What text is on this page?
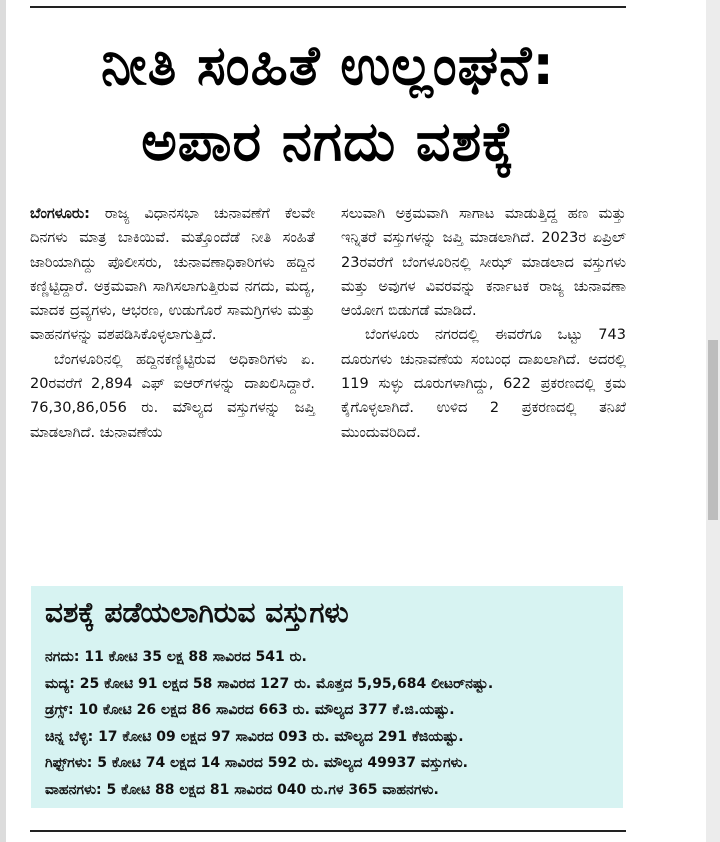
ನೀತಿ ಸಂಹಿತೆ ಉಲ್ಲಂಘನೆ:
ಅಪಾರ ನಗದು ವಶಕ್ಕೆ

ಬೆಂಗಳೂರು: ರಾಜ್ಯ ವಿಧಾನಸಭಾ ಚುನಾವಣೆಗೆ ಕೆಲವೇ ದಿನಗಳು ಮಾತ್ರ ಬಾಕಿಯಿವೆ. ಮತ್ತೊಂದೆಡೆ ನೀತಿ ಸಂಹಿತೆ ಜಾರಿಯಾಗಿದ್ದು ಪೊಲೀಸರು, ಚುನಾವಣಾಧಿಕಾರಿಗಳು ಹದ್ದಿನ ಕಣ್ಣಿಟ್ಟಿದ್ದಾರೆ. ಅಕ್ರಮವಾಗಿ ಸಾಗಿಸಲಾಗುತ್ತಿರುವ ನಗದು, ಮದ್ಯ, ಮಾದಕ ದ್ರವ್ಯಗಳು, ಆಭರಣ, ಉಡುಗೊರೆ ಸಾಮಗ್ರಿಗಳು ಮತ್ತು ವಾಹನಗಳನ್ನು ವಶಪಡಿಸಿಕೊಳ್ಳಲಾಗುತ್ತಿದೆ.

ಬೆಂಗಳೂರಿನಲ್ಲಿ ಹದ್ದಿನಕಣ್ಣಿಟ್ಟಿರುವ ಅಧಿಕಾರಿಗಳು ಏ. 20ರವರೆಗೆ 2,894 ಎಫ್ ಐಆರ್‌ಗಳನ್ನು ದಾಖಲಿಸಿದ್ದಾರೆ. 76,30,86,056 ರು. ಮೌಲ್ಯದ ವಸ್ತುಗಳನ್ನು ಜಪ್ತಿ ಮಾಡಲಾಗಿದೆ. ಚುನಾವಣೆಯ

ಸಲುವಾಗಿ ಅಕ್ರಮವಾಗಿ ಸಾಗಾಟ ಮಾಡುತ್ತಿದ್ದ ಹಣ ಮತ್ತು ಇನ್ನಿತರೆ ವಸ್ತುಗಳನ್ನು ಜಪ್ತಿ ಮಾಡಲಾಗಿದೆ. 2023ರ ಏಪ್ರಿಲ್ 23ರವರೆಗೆ ಬೆಂಗಳೂರಿನಲ್ಲಿ ಸೀಝ್ ಮಾಡಲಾದ ವಸ್ತುಗಳು ಮತ್ತು ಅವುಗಳ ವಿವರವನ್ನು ಕರ್ನಾಟಕ ರಾಜ್ಯ ಚುನಾವಣಾ ಆಯೋಗ ಬಿಡುಗಡೆ ಮಾಡಿದೆ.

ಬೆಂಗಳೂರು ನಗರದಲ್ಲಿ ಈವರೆಗೂ ಒಟ್ಟು 743 ದೂರುಗಳು ಚುನಾವಣೆಯ ಸಂಬಂಧ ದಾಖಲಾಗಿದೆ. ಅದರಲ್ಲಿ 119 ಸುಳ್ಳು ದೂರುಗಳಾಗಿದ್ದು, 622 ಪ್ರಕರಣದಲ್ಲಿ ಕ್ರಮ ಕೈಗೊಳ್ಳಲಾಗಿದೆ. ಉಳಿದ 2 ಪ್ರಕರಣದಲ್ಲಿ ತನಿಖೆ ಮುಂದುವರಿದಿದೆ.

ವಶಕ್ಕೆ ಪಡೆಯಲಾಗಿರುವ ವಸ್ತುಗಳು
ನಗದು: 11 ಕೋಟಿ 35 ಲಕ್ಷ 88 ಸಾವಿರದ 541 ರು.
ಮದ್ಯ: 25 ಕೋಟಿ 91 ಲಕ್ಷದ 58 ಸಾವಿರದ 127 ರು. ಮೊತ್ತದ 5,95,684 ಲೀಟರ್‌ನಷ್ಟು.
ಡ್ರಗ್ಸ್: 10 ಕೋಟಿ 26 ಲಕ್ಷದ 86 ಸಾವಿರದ 663 ರು. ಮೌಲ್ಯದ 377 ಕೆ.ಜಿ.ಯಷ್ಟು.
ಚಿನ್ನ ಬೆಳ್ಳಿ: 17 ಕೋಟಿ 09 ಲಕ್ಷದ 97 ಸಾವಿರದ 093 ರು. ಮೌಲ್ಯದ 291 ಕೆಜಿಯಷ್ಟು.
ಗಿಫ್ಟ್‌ಗಳು: 5 ಕೋಟಿ 74 ಲಕ್ಷದ 14 ಸಾವಿರದ 592 ರು. ಮೌಲ್ಯದ 49937 ವಸ್ತುಗಳು.
ವಾಹನಗಳು: 5 ಕೋಟಿ 88 ಲಕ್ಷದ 81 ಸಾವಿರದ 040 ರು.ಗಳ 365 ವಾಹನಗಳು.
